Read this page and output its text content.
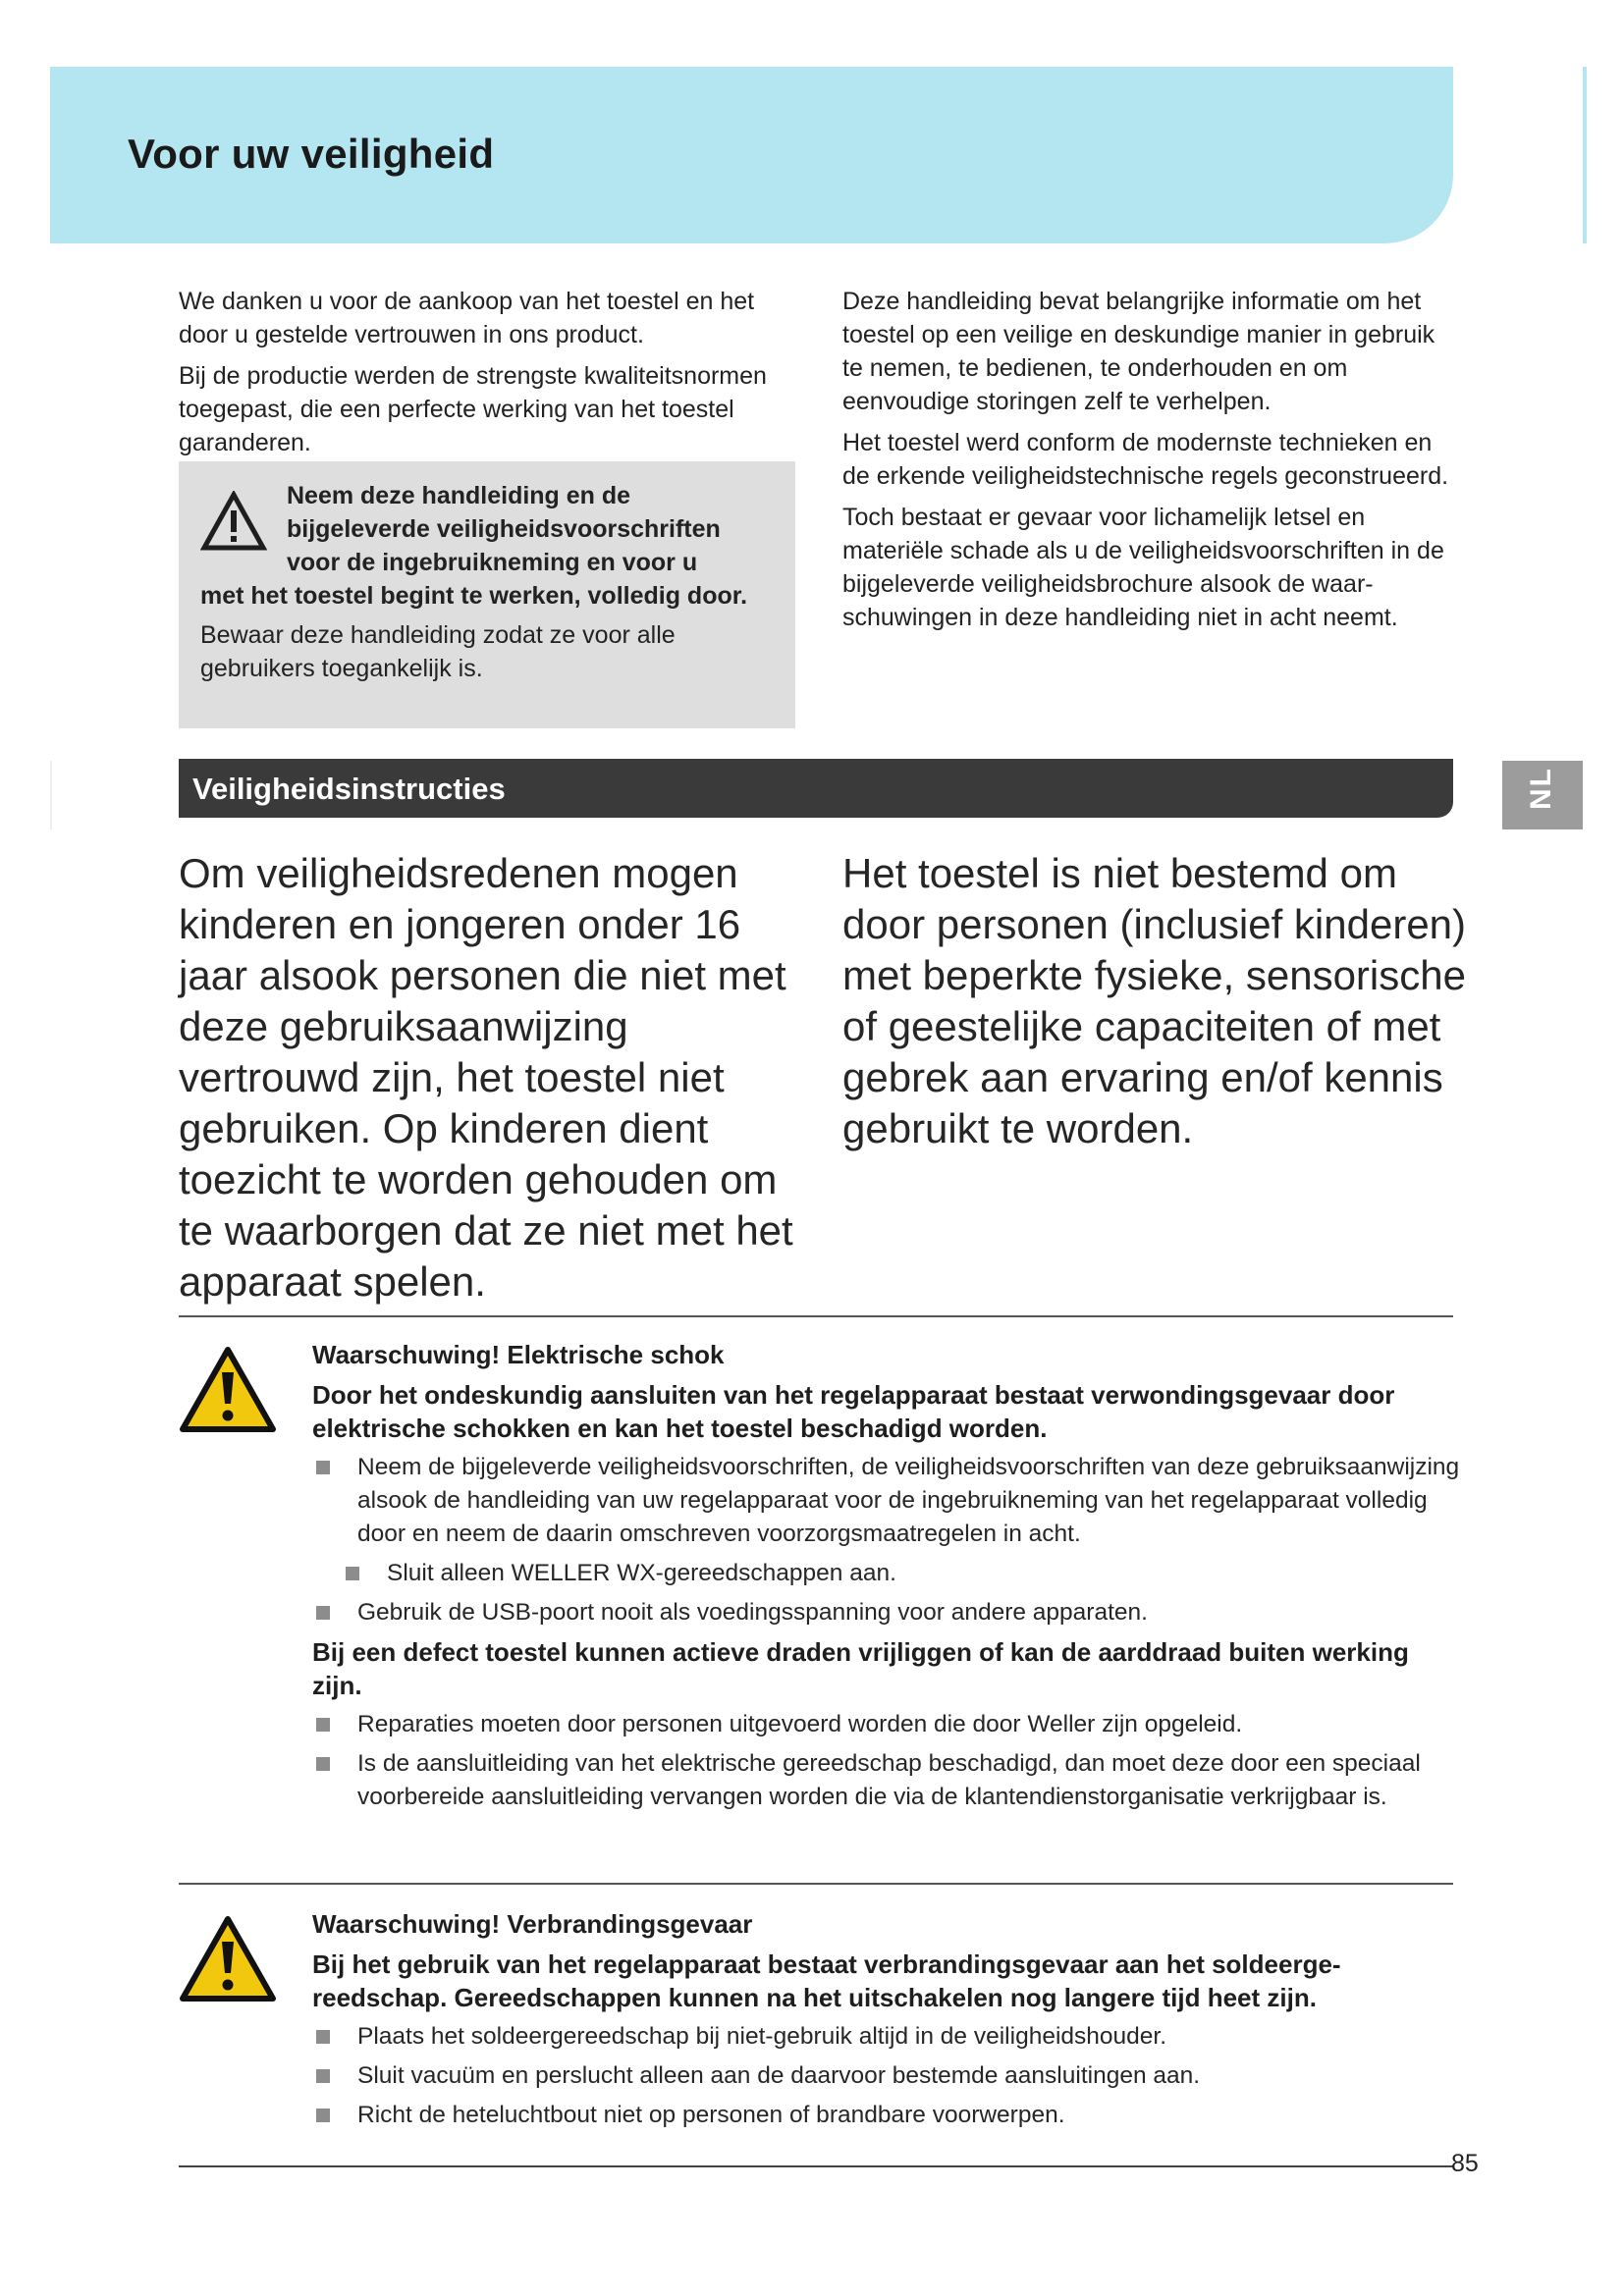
Voor uw veiligheid

We danken u voor de aankoop van het toestel en het door u gestelde vertrouwen in ons product.

Bij de productie werden de strengste kwaliteitsnormen toegepast, die een perfecte werking van het toestel garanderen.

Neem deze handleiding en de
bijgeleverde veiligheidsvoorschriften
voor de ingebruikneming en voor u
met het toestel begint te werken, volledig door.
Bewaar deze handleiding zodat ze voor alle gebruikers toegankelijk is.

Deze handleiding bevat belangrijke informatie om het toestel op een veilige en deskundige manier in gebruik te nemen, te bedienen, te onderhouden en om eenvoudige storingen zelf te verhelpen.

Het toestel werd conform de modernste technieken en de erkende veiligheidstechnische regels geconstrueerd.

Toch bestaat er gevaar voor lichamelijk letsel en materiële schade als u de veiligheidsvoorschriften in de bijgeleverde veiligheidsbrochure alsook de waarschuwingen in deze handleiding niet in acht neemt.

Veiligheidsinstructies	NL
Om veiligheidsredenen mogen kinderen en jongeren onder 16 jaar alsook personen die niet met deze gebruiksaanwijzing vertrouwd zijn, het toestel niet gebruiken. Op kinderen dient toezicht te worden gehouden om te waarborgen dat ze niet met het apparaat spelen.
Het toestel is niet bestemd om door personen (inclusief kinderen) met beperkte fysieke, sensorische of geestelijke capaciteiten of met gebrek aan ervaring en/of kennis gebruikt te worden.
Waarschuwing! Elektrische schok
Door het ondeskundig aansluiten van het regelapparaat bestaat verwondingsgevaar door elektrische schokken en kan het toestel beschadigd worden.
Neem de bijgeleverde veiligheidsvoorschriften, de veiligheidsvoorschriften van deze gebruiksaanwijzing alsook de handleiding van uw regelapparaat voor de ingebruikneming van het regelapparaat volledig door en neem de daarin omschreven voorzorgsmaatregelen in acht.
Sluit alleen WELLER WX-gereedschappen aan.
Gebruik de USB-poort nooit als voedingsspanning voor andere apparaten.
Bij een defect toestel kunnen actieve draden vrijliggen of kan de aarddraad buiten werking zijn.
Reparaties moeten door personen uitgevoerd worden die door Weller zijn opgeleid.
Is de aansluitleiding van het elektrische gereedschap beschadigd, dan moet deze door een speciaal voorbereide aansluitleiding vervangen worden die via de klantendienstorganisatie verkrijgbaar is.
Waarschuwing! Verbrandingsgevaar
Bij het gebruik van het regelapparaat bestaat verbrandingsgevaar aan het soldeergereedschap. Gereedschappen kunnen na het uitschakelen nog langere tijd heet zijn.
Plaats het soldeergereedschap bij niet-gebruik altijd in de veiligheidshouder.
Sluit vacuüm en perslucht alleen aan de daarvoor bestemde aansluitingen aan.
Richt de heteluchtbout niet op personen of brandbare voorwerpen.
85
